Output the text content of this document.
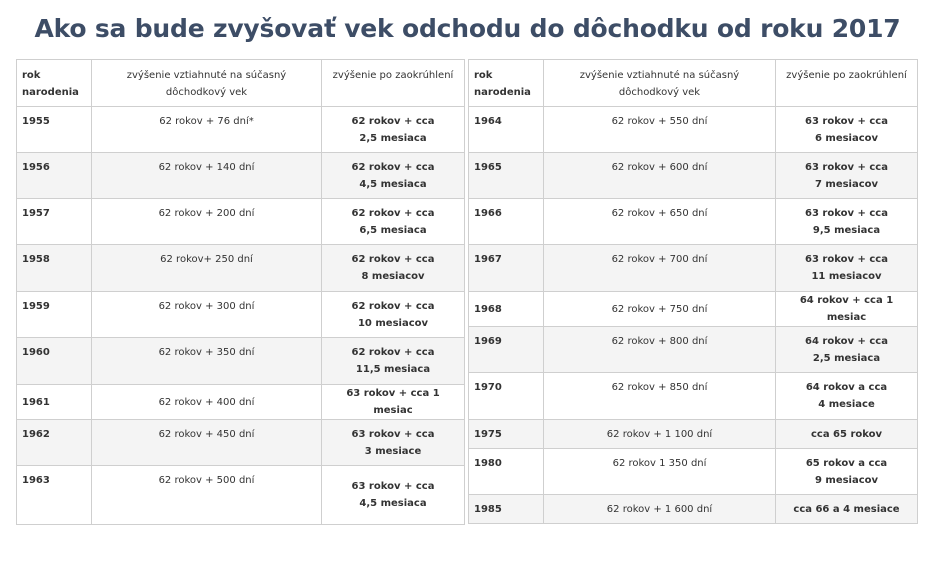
Ako sa bude zvyšovať vek odchodu do dôchodku od roku 2017
rok
narodenia	zvýšenie vztiahnuté na súčasný
dôchodkový vek	zvýšenie po zaokrúhlení
1955	62 rokov + 76 dní*	62 rokov + cca
2,5 mesiaca
1956	62 rokov + 140 dní	62 rokov + cca
4,5 mesiaca
1957	62 rokov + 200 dní	62 rokov + cca
6,5 mesiaca
1958	62 rokov+ 250 dní	62 rokov + cca
8 mesiacov
1959	62 rokov + 300 dní	62 rokov + cca
10 mesiacov
1960	62 rokov + 350 dní	62 rokov + cca
11,5 mesiaca
1961	62 rokov + 400 dní	63 rokov + cca 1 mesiac
1962	62 rokov + 450 dní	63 rokov + cca
3 mesiace
1963	62 rokov + 500 dní	63 rokov + cca
4,5 mesiaca
rok
narodenia	zvýšenie vztiahnuté na súčasný
dôchodkový vek	zvýšenie po zaokrúhlení
1964	62 rokov + 550 dní	63 rokov + cca
6 mesiacov
1965	62 rokov + 600 dní	63 rokov + cca
7 mesiacov
1966	62 rokov + 650 dní	63 rokov + cca
9,5 mesiaca
1967	62 rokov + 700 dní	63 rokov + cca
11 mesiacov
1968	62 rokov + 750 dní	64 rokov + cca 1 mesiac
1969	62 rokov + 800 dní	64 rokov + cca
2,5 mesiaca
1970	62 rokov + 850 dní	64 rokov a cca
4 mesiace
1975	62 rokov + 1 100 dní	cca 65 rokov
1980	62 rokov 1 350 dní	65 rokov a cca
9 mesiacov
1985	62 rokov + 1 600 dní	cca 66 a 4 mesiace
